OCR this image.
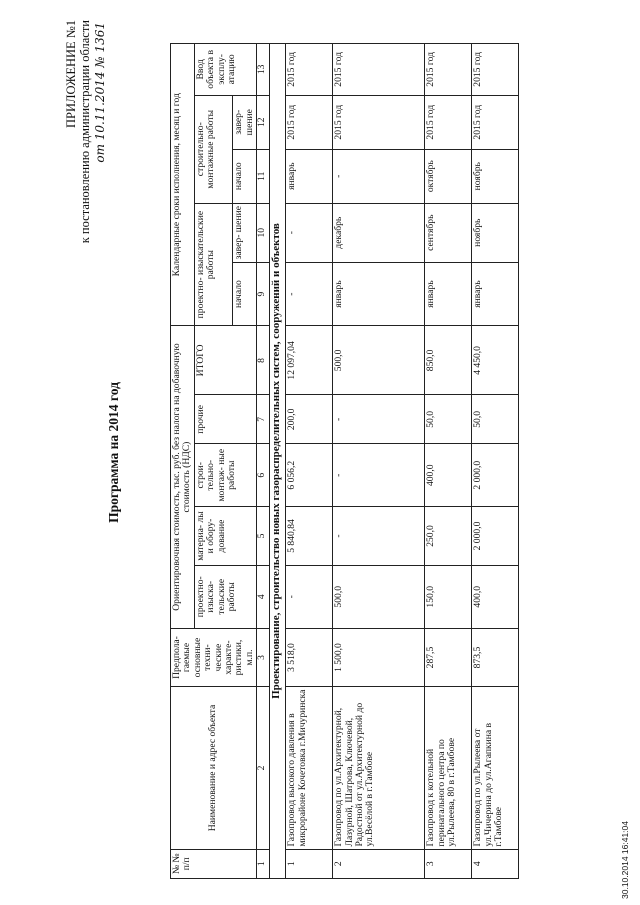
ПРИЛОЖЕНИЕ №1 к постановлению администрации области от 10.11.2014 № 1361
Программа на 2014 год
№ № п/п	Наименование и адрес объекта	Предпола- гаемые основные техни- ческие характе- ристики, м.п.	Ориентировочная стоимость, тыс. руб. без налога на добавочную стоимость (НДС)					Календарные сроки исполнения, месяц и год				
			проектно- изыска- тельские работы	материа- лы и обору- дование	строи- тельно- монтаж- ные работы	прочие	ИТОГО	проектно- изыскательские работы		строительно- монтажные работы		Ввод объекта в эксплу- атацию
								начало	завер- шение	начало	завер- шение	
1	2	3	4	5	6	7	8	9	10	11	12	13
Проектирование, строительство новых газораспределительных систем, сооружений и объектов												
1	Газопровод высокого давления в микрорайоне Кочетовка г.Мичуринска	3 518,0	-	5 840,84	6 056,2	200,0	12 097,04	-	-	январь	2015 год	2015 год
2	Газопровод по ул.Архитектурной, Лазурной, Шатрова, Ключевой, Радостной от ул.Архитектурной до ул.Весёлой в г.Тамбове	1 500,0	500,0	-	-	-	500,0	январь	декабрь	-	2015 год	2015 год
3	Газопровод к котельной перинатального центра по ул.Рылеева, 80 в г.Тамбове	287,5	150,0	250,0	400,0	50,0	850,0	январь	сентябрь	октябрь	2015 год	2015 год
4	Газопровод по ул.Рылеева от ул.Чичерина до ул.Агапкина в г.Тамбове	873,5	400,0	2 000,0	2 000,0	50,0	4 450,0	январь	ноябрь	ноябрь	2015 год	2015 год
30.10.2014 16:41:04
